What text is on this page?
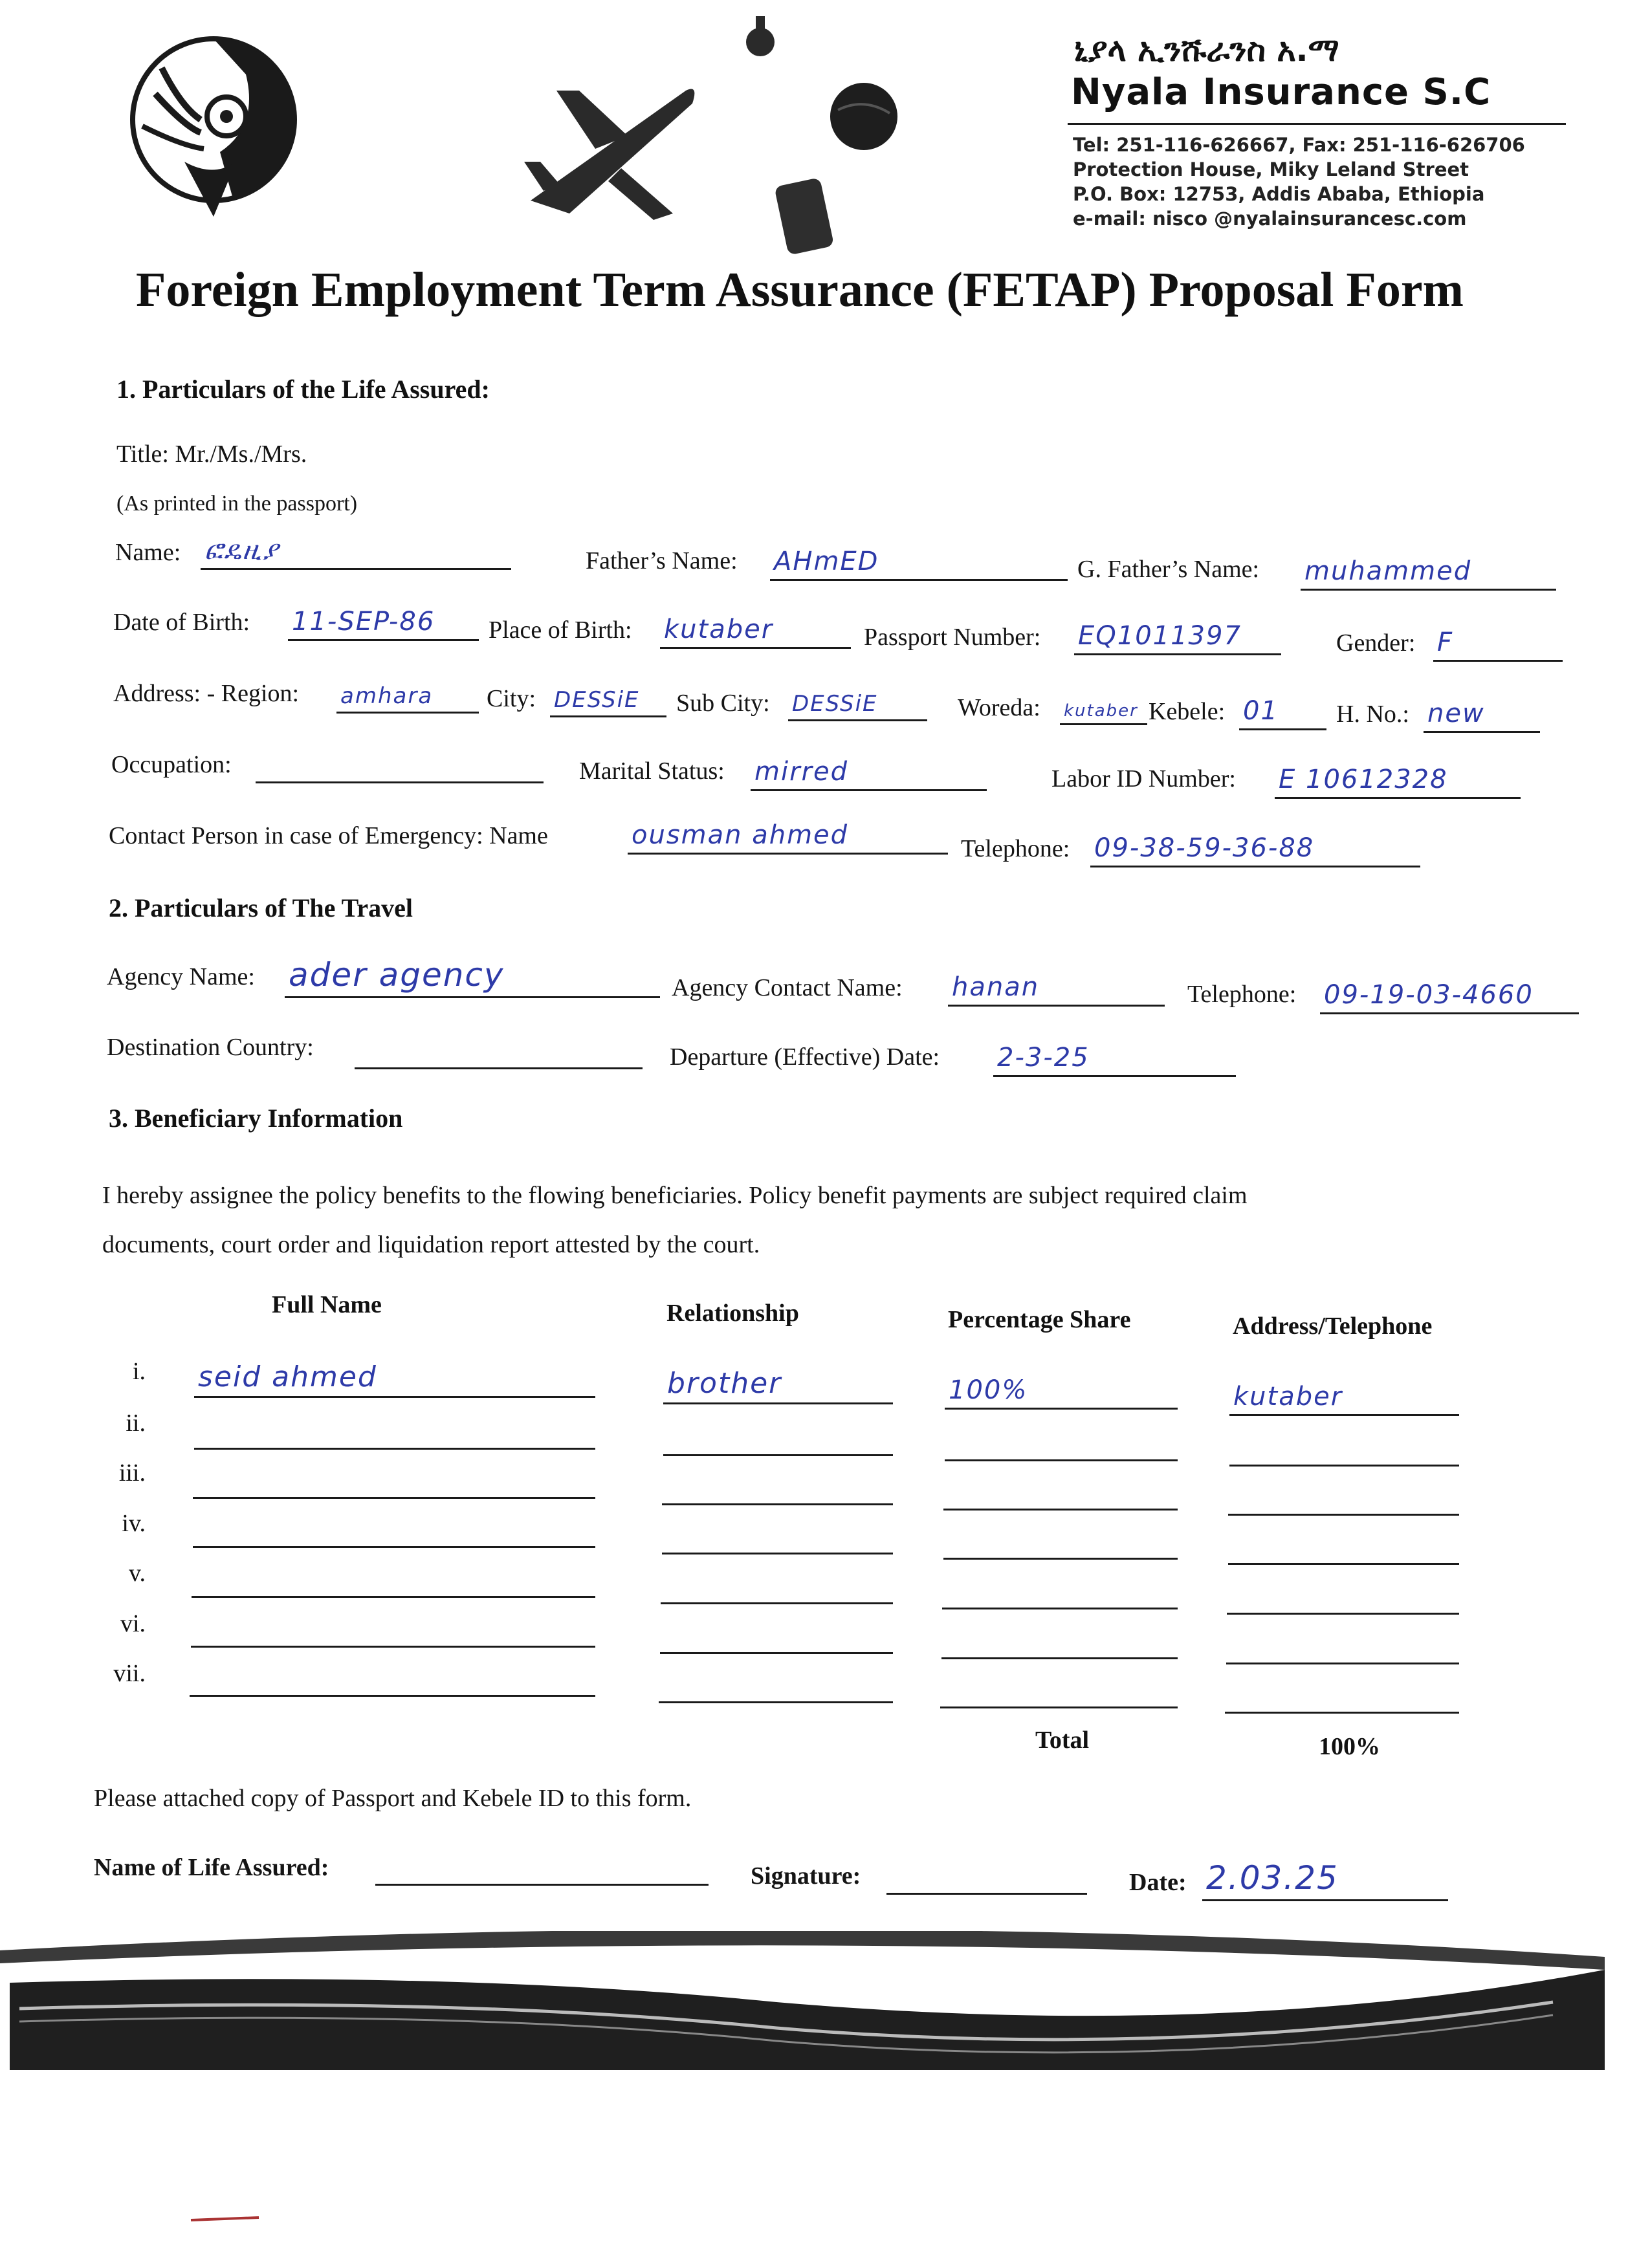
ኒያላ ኢንሹራንስ አ.ማ
Nyala Insurance S.C
Tel: 251-116-626667, Fax: 251-116-626706
Protection House, Miky Leland Street
P.O. Box: 12753, Addis Ababa, Ethiopia
e-mail: nisco @nyalainsurancesc.com
Foreign Employment Term Assurance (FETAP) Proposal Form
1. Particulars of the Life Assured:
Title: Mr./Ms./Mrs.
(As printed in the passport)
Name: ፎዴዚያ	Father’s Name: AHmED	G. Father’s Name: muhammed
Date of Birth: 11-SEP-86 Place of Birth: kutaber	Passport Number: EQ1011397	Gender: F
Address: - Region: amhara City: DESSiE Sub City: DESSiE	Woreda: kutaber Kebele: 01 H. No.: new
Occupation:	Marital Status: mirred	Labor ID Number: E 10612328
Contact Person in case of Emergency: Name	ousman ahmed	Telephone: 09-38-59-36-88
2. Particulars of The Travel
Agency Name: ader agency	Agency Contact Name: hanan	Telephone: 09-19-03-4660
Destination Country:	Departure (Effective) Date: 2-3-25
3. Beneficiary Information
I hereby assignee the policy benefits to the flowing beneficiaries. Policy benefit payments are subject required claim
documents, court order and liquidation report attested by the court.
Full Name	Relationship	Percentage Share	Address/Telephone
i. seid ahmed	brother	100%	kutaber
ii.
iii.
iv.
v.
vi.
vii.
Total	100%
Please attached copy of Passport and Kebele ID to this form.
Name of Life Assured:	Signature:	Date: 2.03.25
